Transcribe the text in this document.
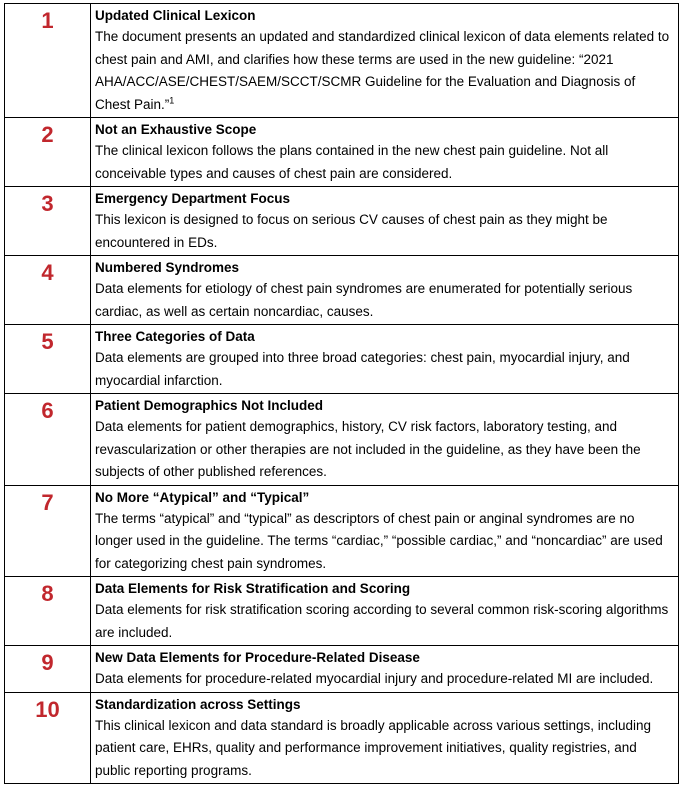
1	Updated Clinical Lexicon

The document presents an updated and standardized clinical lexicon of data elements related to chest pain and AMI, and clarifies how these terms are used in the new guideline: “2021 AHA/ACC/ASE/CHEST/SAEM/SCCT/SCMR Guideline for the Evaluation and Diagnosis of Chest Pain.”$^1$

2	Not an Exhaustive Scope

The clinical lexicon follows the plans contained in the new chest pain guideline. Not all conceivable types and causes of chest pain are considered.

3	Emergency Department Focus

This lexicon is designed to focus on serious CV causes of chest pain as they might be encountered in EDs.

4	Numbered Syndromes

Data elements for etiology of chest pain syndromes are enumerated for potentially serious cardiac, as well as certain noncardiac, causes.

5	Three Categories of Data

Data elements are grouped into three broad categories: chest pain, myocardial injury, and myocardial infarction.

6	Patient Demographics Not Included

Data elements for patient demographics, history, CV risk factors, laboratory testing, and revascularization or other therapies are not included in the guideline, as they have been the subjects of other published references.

7	No More “Atypical” and “Typical”

The terms “atypical” and “typical” as descriptors of chest pain or anginal syndromes are no longer used in the guideline. The terms “cardiac,” “possible cardiac,” and “noncardiac” are used for categorizing chest pain syndromes.

8	Data Elements for Risk Stratification and Scoring

Data elements for risk stratification scoring according to several common risk-scoring algorithms are included.

9	New Data Elements for Procedure-Related Disease

Data elements for procedure-related myocardial injury and procedure-related MI are included.

10	Standardization across Settings

This clinical lexicon and data standard is broadly applicable across various settings, including patient care, EHRs, quality and performance improvement initiatives, quality registries, and public reporting programs.
